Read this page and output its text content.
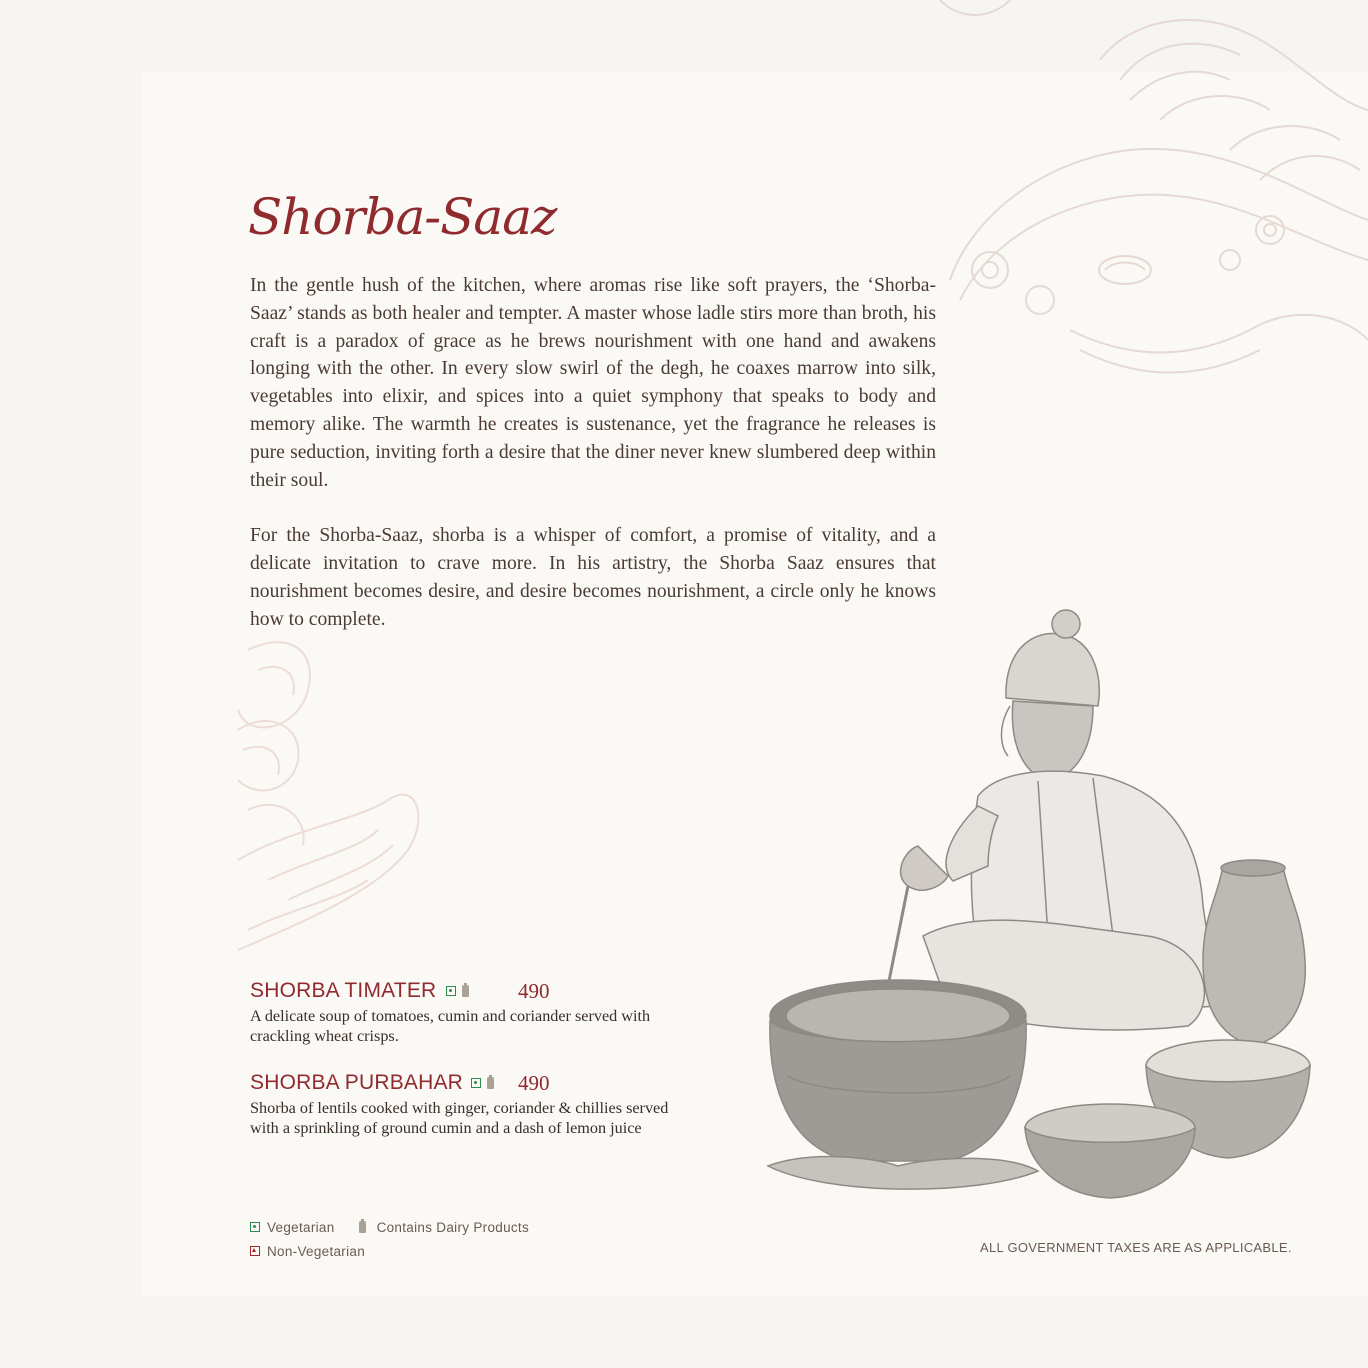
Shorba-Saaz

In the gentle hush of the kitchen, where aromas rise like soft prayers, the ‘Shorba-Saaz’ stands as both healer and tempter. A master whose ladle stirs more than broth, his craft is a paradox of grace as he brews nourishment with one hand and awakens longing with the other. In every slow swirl of the degh, he coaxes marrow into silk, vegetables into elixir, and spices into a quiet symphony that speaks to body and memory alike. The warmth he creates is sustenance, yet the fragrance he releases is pure seduction, inviting forth a desire that the diner never knew slumbered deep within their soul.

For the Shorba-Saaz, shorba is a whisper of comfort, a promise of vitality, and a delicate invitation to crave more. In his artistry, the Shorba Saaz ensures that nourishment becomes desire, and desire becomes nourishment, a circle only he knows how to complete.

SHORBA TIMATER	490
A delicate soup of tomatoes, cumin and coriander served with crackling wheat crisps.
SHORBA PURBAHAR	490
Shorba of lentils cooked with ginger, coriander & chillies served with a sprinkling of ground cumin and a dash of lemon juice
Vegetarian	Contains Dairy Products
Non-Vegetarian	ALL GOVERNMENT TAXES ARE AS APPLICABLE.
